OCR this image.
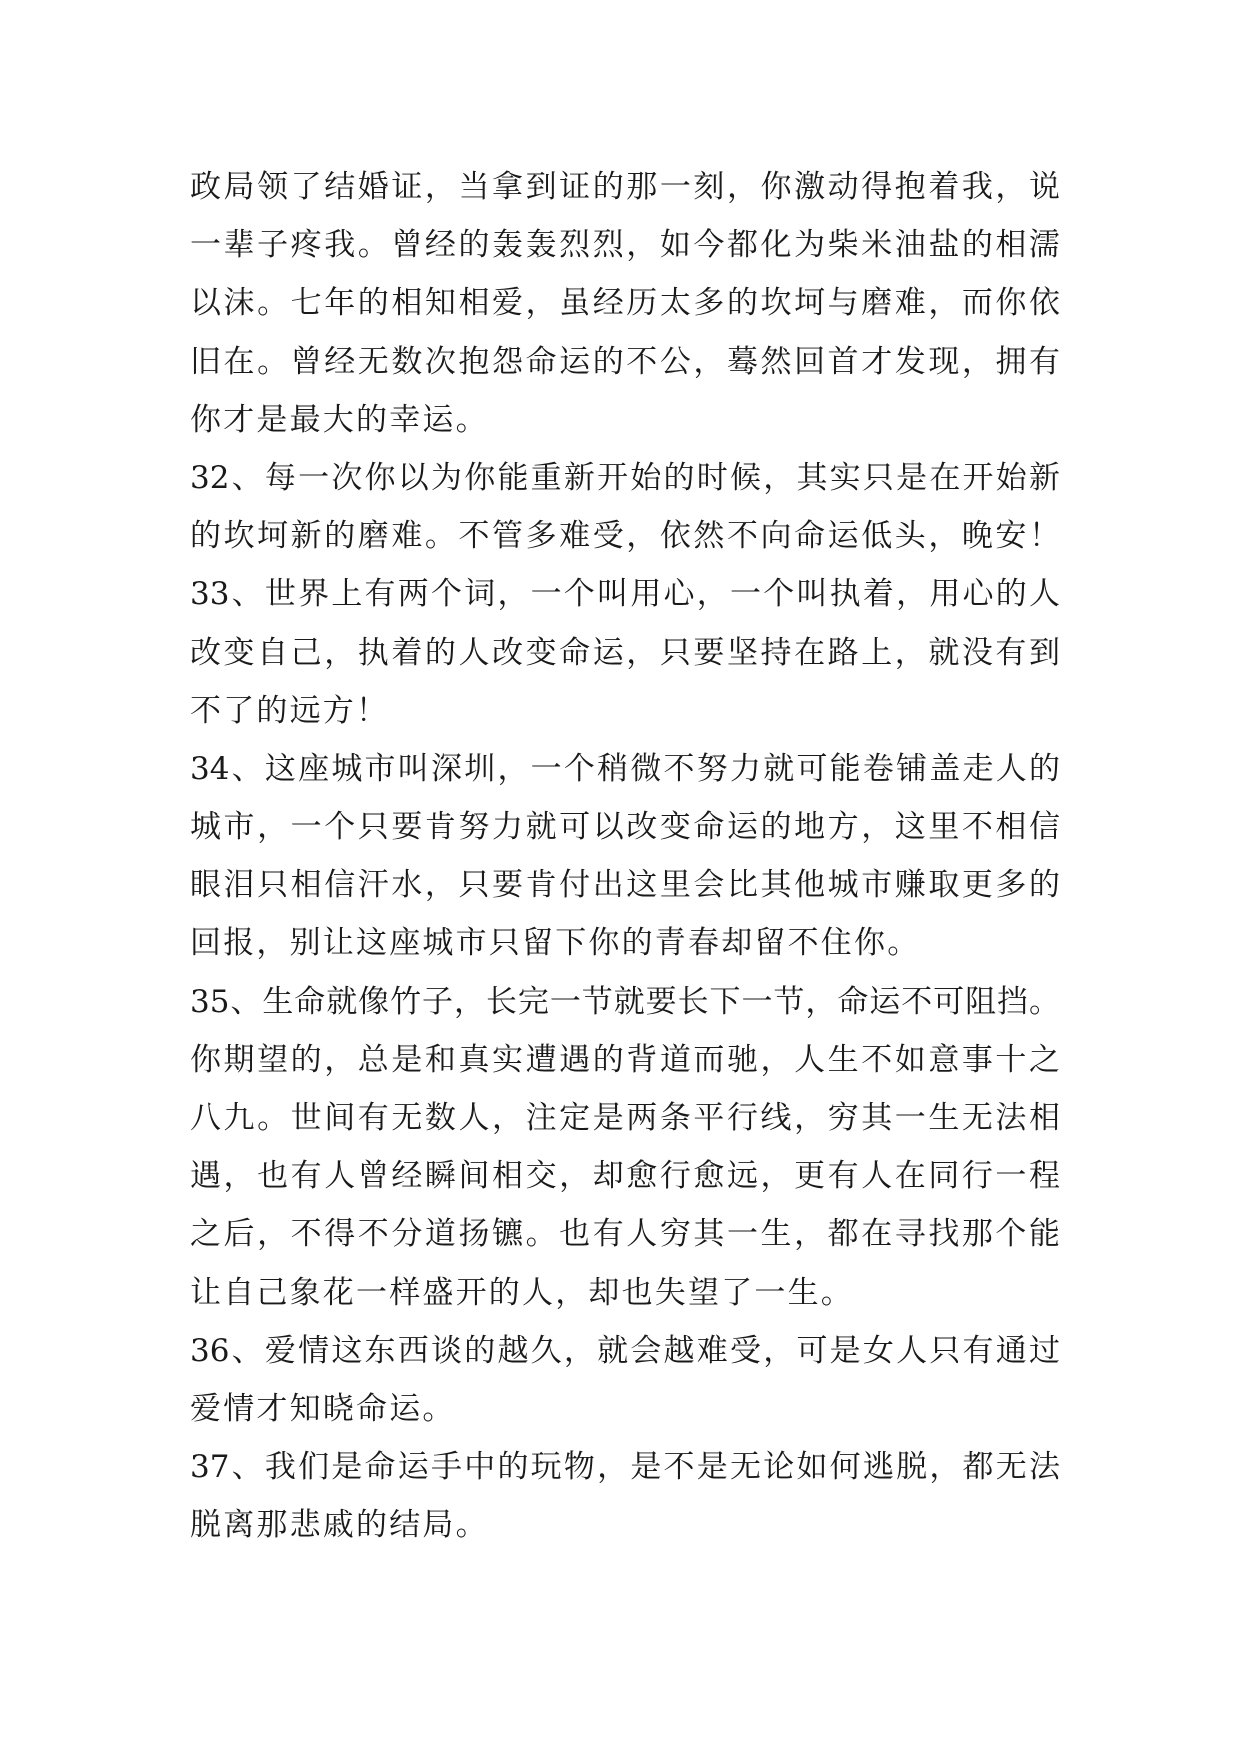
政局领了结婚证，当拿到证的那一刻，你激动得抱着我，说
一辈子疼我。曾经的轰轰烈烈，如今都化为柴米油盐的相濡
以沫。七年的相知相爱，虽经历太多的坎坷与磨难，而你依
旧在。曾经无数次抱怨命运的不公，蓦然回首才发现，拥有
你才是最大的幸运。
32、每一次你以为你能重新开始的时候，其实只是在开始新
的坎坷新的磨难。不管多难受，依然不向命运低头，晚安！
33、世界上有两个词，一个叫用心，一个叫执着，用心的人
改变自己，执着的人改变命运，只要坚持在路上，就没有到
不了的远方！
34、这座城市叫深圳，一个稍微不努力就可能卷铺盖走人的
城市，一个只要肯努力就可以改变命运的地方，这里不相信
眼泪只相信汗水，只要肯付出这里会比其他城市赚取更多的
回报，别让这座城市只留下你的青春却留不住你。
35、生命就像竹子，长完一节就要长下一节，命运不可阻挡。
你期望的，总是和真实遭遇的背道而驰，人生不如意事十之
八九。世间有无数人，注定是两条平行线，穷其一生无法相
遇，也有人曾经瞬间相交，却愈行愈远，更有人在同行一程
之后，不得不分道扬镳。也有人穷其一生，都在寻找那个能
让自己象花一样盛开的人，却也失望了一生。
36、爱情这东西谈的越久，就会越难受，可是女人只有通过
爱情才知晓命运。
37、我们是命运手中的玩物，是不是无论如何逃脱，都无法
脱离那悲戚的结局。
